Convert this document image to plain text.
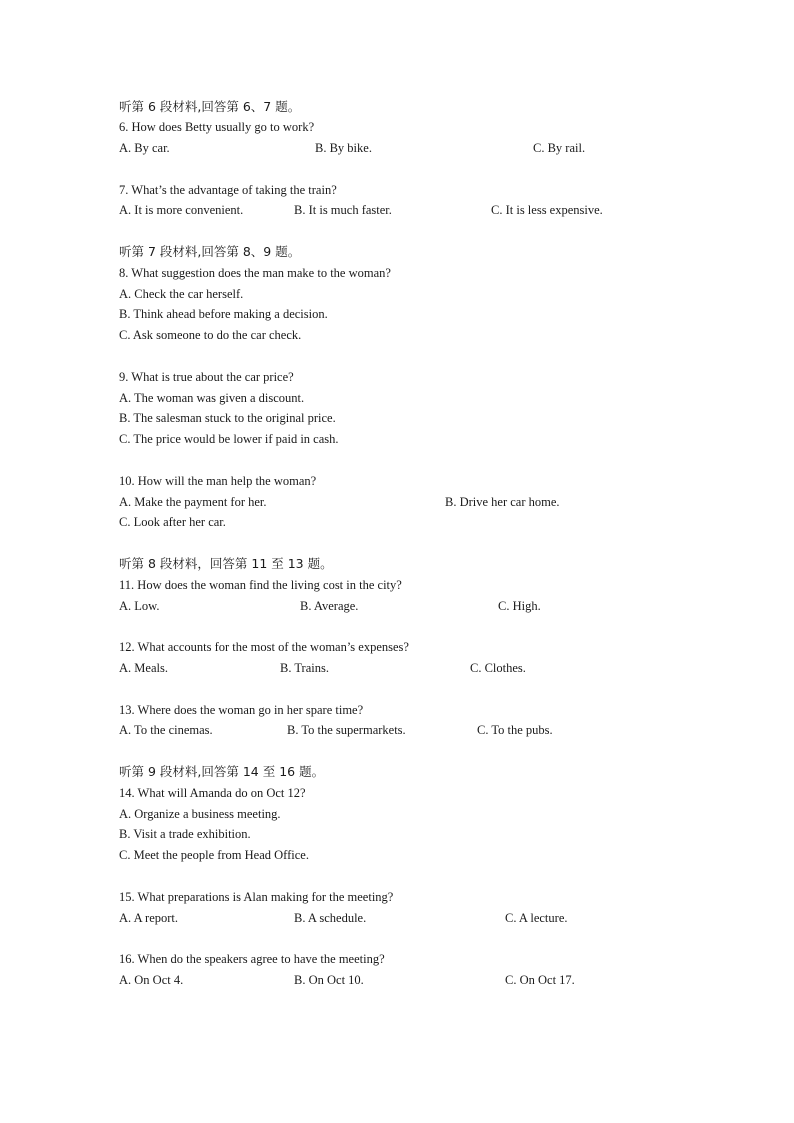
听第 6 段材料,回答第 6、7 题。
6. How does Betty usually go to work?
A. By car.	B. By bike.	C. By rail.
7. What’s the advantage of taking the train?
A. It is more convenient.	B. It is much faster.	C. It is less expensive.
听第 7 段材料,回答第 8、9 题。
8. What suggestion does the man make to the woman?
A. Check the car herself.
B. Think ahead before making a decision.
C. Ask someone to do the car check.
9. What is true about the car price?
A. The woman was given a discount.
B. The salesman stuck to the original price.
C. The price would be lower if paid in cash.
10. How will the man help the woman?
A. Make the payment for her.	B. Drive her car home.
C. Look after her car.
听第 8 段材料，回答第 11 至 13 题。
11. How does the woman find the living cost in the city?
A. Low.	B. Average.	C. High.
12. What accounts for the most of the woman’s expenses?
A. Meals.	B. Trains.	C. Clothes.
13. Where does the woman go in her spare time?
A. To the cinemas.	B. To the supermarkets.	C. To the pubs.
听第 9 段材料,回答第 14 至 16 题。
14. What will Amanda do on Oct 12?
A. Organize a business meeting.
B. Visit a trade exhibition.
C. Meet the people from Head Office.
15. What preparations is Alan making for the meeting?
A. A report.	B. A schedule.	C. A lecture.
16. When do the speakers agree to have the meeting?
A. On Oct 4.	B. On Oct 10.	C. On Oct 17.
